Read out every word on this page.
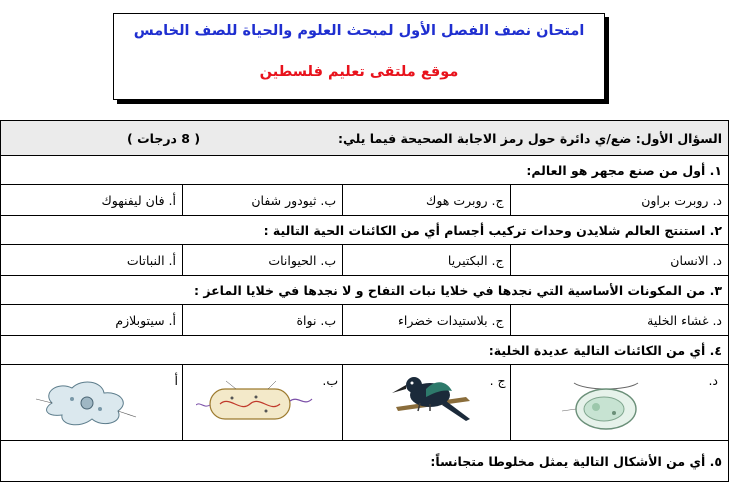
امتحان نصف الفصل الأول لمبحث العلوم والحياة للصف الخامس
موقع ملتقى تعليم فلسطين
السؤال الأول: ضع/ي دائرة حول رمز الاجابة الصحيحة فيما يلي:
( 8 درجات )			

١. أول من صنع مجهر هو العالم:			
أ. فان ليفنهوك	ب. ثيودور شفان	ج. روبرت هوك	د. روبرت براون
٢. استنتج العالم شلايدن وحدات تركيب أجسام أي من الكائنات الحية التالية :			
أ. النباتات	ب. الحيوانات	ج. البكتيريا	د. الانسان
٣. من المكونات الأساسية التي نجدها في خلايا نبات التفاح و لا نجدها في خلايا الماعز :			
أ. سيتوبلازم	ب. نواة	ج. بلاستيدات خضراء	د. غشاء الخلية
٤. أي من الكائنات التالية عديدة الخلية:			

أ	ب.	ج .	د.

٥. أي من الأشكال التالية يمثل مخلوطا متجانساً:			
